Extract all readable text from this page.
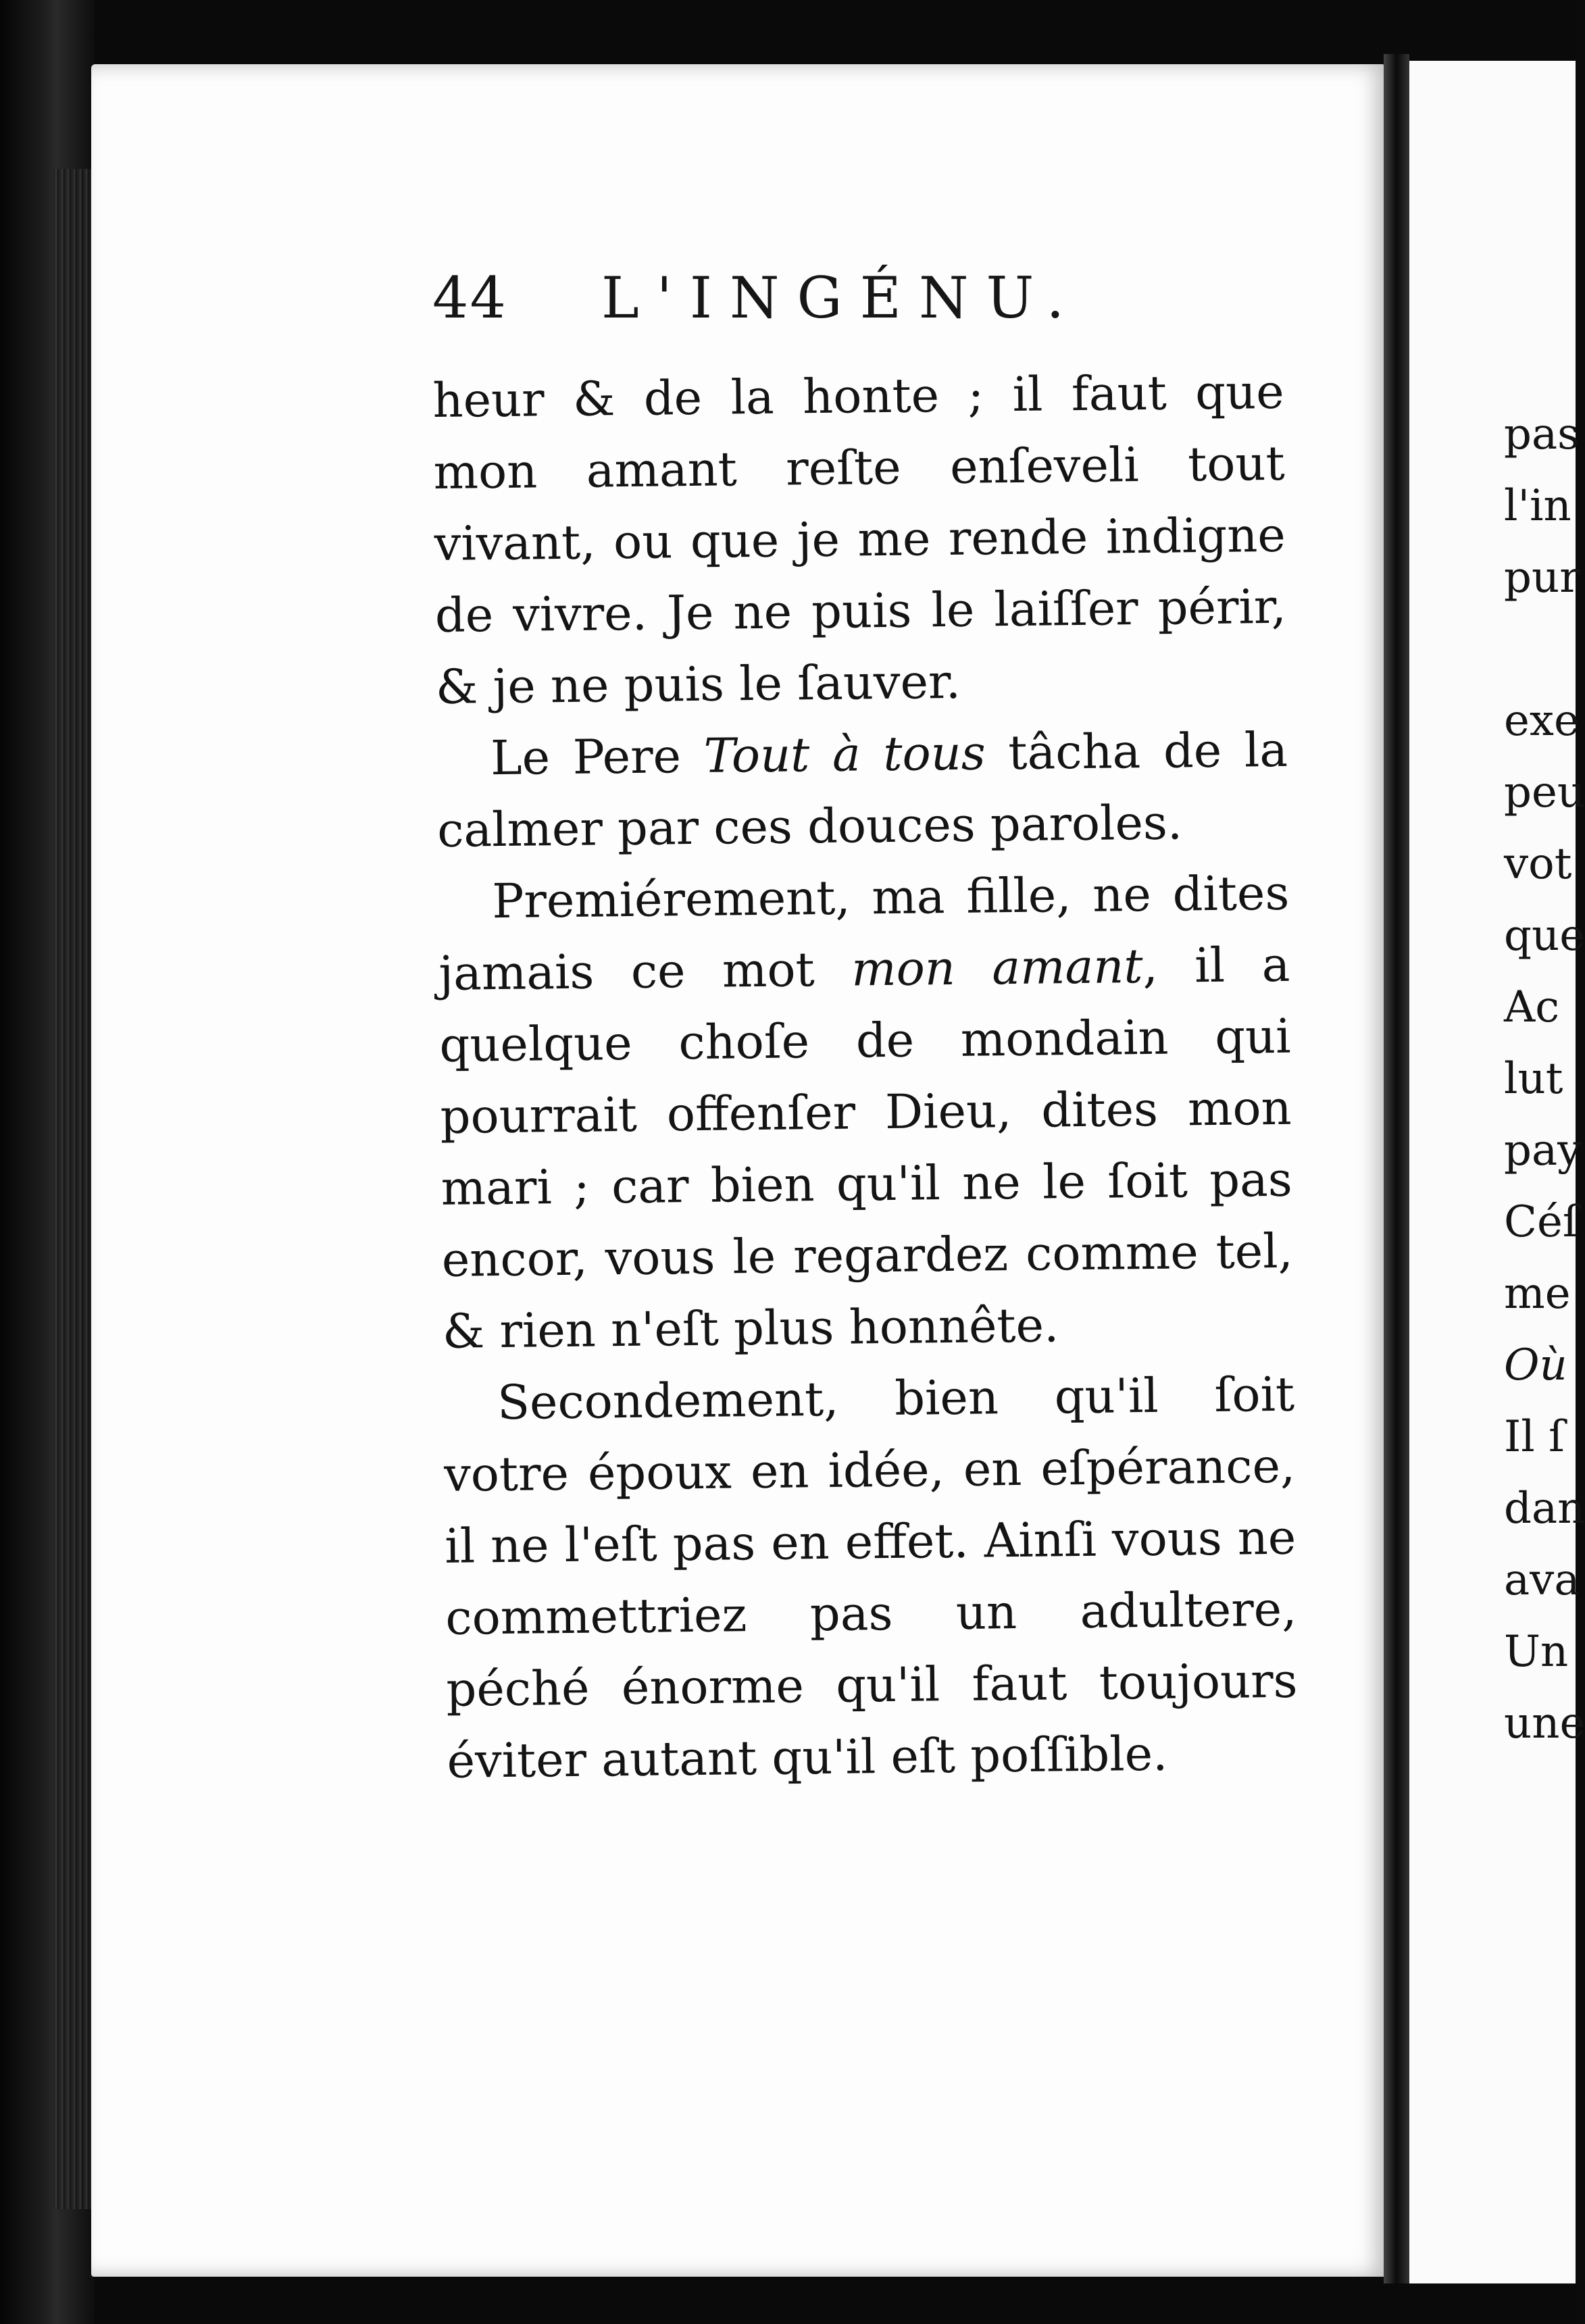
44 L'INGÉNU.

heur & de la honte ; il faut que mon amant reſte enſeveli tout vivant, ou que je me rende indigne de vivre. Je ne puis le laiſſer périr, & je ne puis le ſauver.

Le Pere Tout à tous tâcha de la calmer par ces douces paroles.

Premiérement, ma fille, ne dites jamais ce mot mon amant, il a quelque choſe de mondain qui pourrait offenſer Dieu, dites mon mari ; car bien qu'il ne le ſoit pas encor, vous le regardez comme tel, & rien n'eſt plus honnête.

Secondement, bien qu'il ſoit votre époux en idée, en eſpérance, il ne l'eſt pas en effet. Ainſi vous ne commettriez pas un adultere, péché énorme qu'il faut toujours éviter autant qu'il eſt poſſible.

pas
l'in
pur
exe
peu
vot
que
Ac
lut
pay
Céſ
me
Où
Il ſ
dan
ava
Un
une
